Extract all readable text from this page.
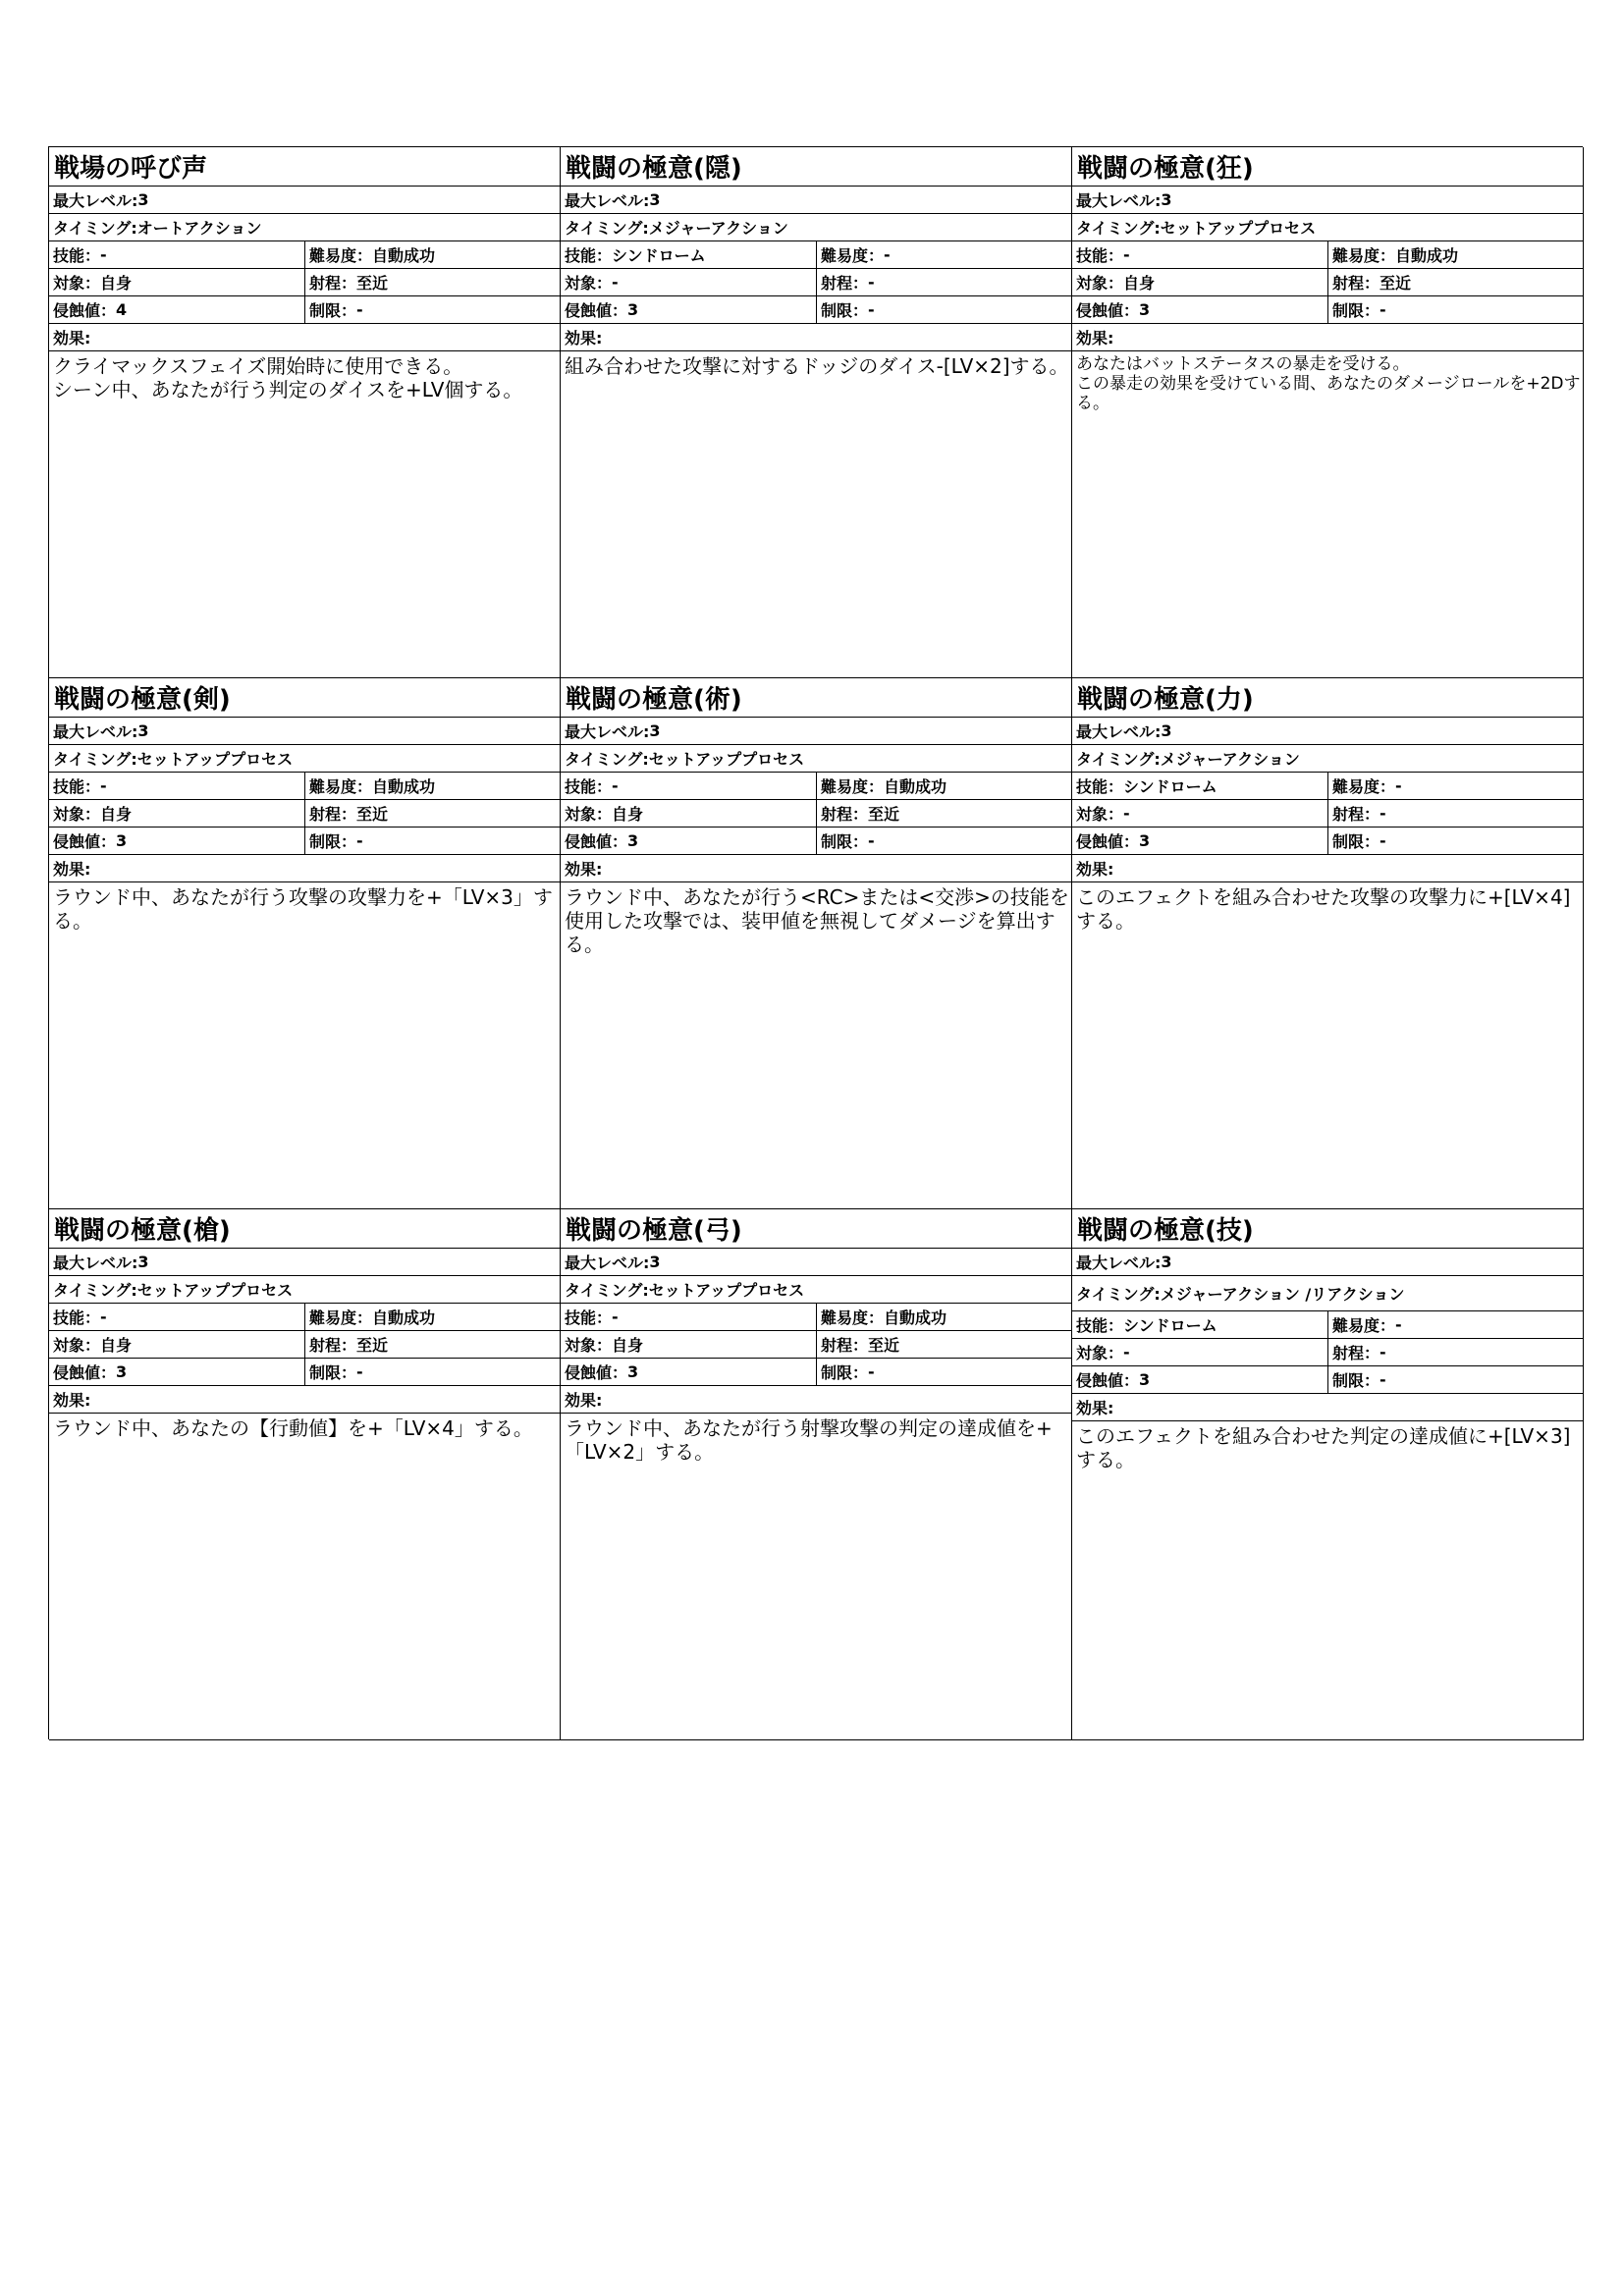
戦場の呼び声
最大レベル: 3
タイミング: オートアクション
技能： -	難易度： 自動成功
対象： 自身	射程： 至近
侵蝕値： 4	制限： -
効果:
クライマックスフェイズ開始時に使用できる。
シーン中、あなたが行う判定のダイスを+LV個する。
戦闘の極意(隠)
最大レベル: 3
タイミング: メジャーアクション
技能： シンドローム	難易度： -
対象： -	射程： -
侵蝕値： 3	制限： -
効果:
組み合わせた攻撃に対するドッジのダイス-[LV×2]する。
戦闘の極意(狂)
最大レベル: 3
タイミング: セットアッププロセス
技能： -	難易度： 自動成功
対象： 自身	射程： 至近
侵蝕値： 3	制限： -
効果:
あなたはバットステータスの暴走を受ける。
この暴走の効果を受けている間、あなたのダメージロールを+2Dする。
戦闘の極意(剣)
最大レベル: 3
タイミング: セットアッププロセス
技能： -	難易度： 自動成功
対象： 自身	射程： 至近
侵蝕値： 3	制限： -
効果:
ラウンド中、あなたが行う攻撃の攻撃力を+「LV×3」する。
戦闘の極意(術)
最大レベル: 3
タイミング: セットアッププロセス
技能： -	難易度： 自動成功
対象： 自身	射程： 至近
侵蝕値： 3	制限： -
効果:
ラウンド中、あなたが行う<RC>または<交渉>の技能を使用した攻撃では、装甲値を無視してダメージを算出する。
戦闘の極意(力)
最大レベル: 3
タイミング: メジャーアクション
技能： シンドローム	難易度： -
対象： -	射程： -
侵蝕値： 3	制限： -
効果:
このエフェクトを組み合わせた攻撃の攻撃力に+[LV×4]する。
戦闘の極意(槍)
最大レベル: 3
タイミング: セットアッププロセス
技能： -	難易度： 自動成功
対象： 自身	射程： 至近
侵蝕値： 3	制限： -
効果:
ラウンド中、あなたの【行動値】を+「LV×4」する。
戦闘の極意(弓)
最大レベル: 3
タイミング: セットアッププロセス
技能： -	難易度： 自動成功
対象： 自身	射程： 至近
侵蝕値： 3	制限： -
効果:
ラウンド中、あなたが行う射撃攻撃の判定の達成値を+「LV×2」する。
戦闘の極意(技)
最大レベル: 3
タイミング: メジャーアクション /リアクション
技能： シンドローム	難易度： -
対象： -	射程： -
侵蝕値： 3	制限： -
効果:
このエフェクトを組み合わせた判定の達成値に+[LV×3]する。
